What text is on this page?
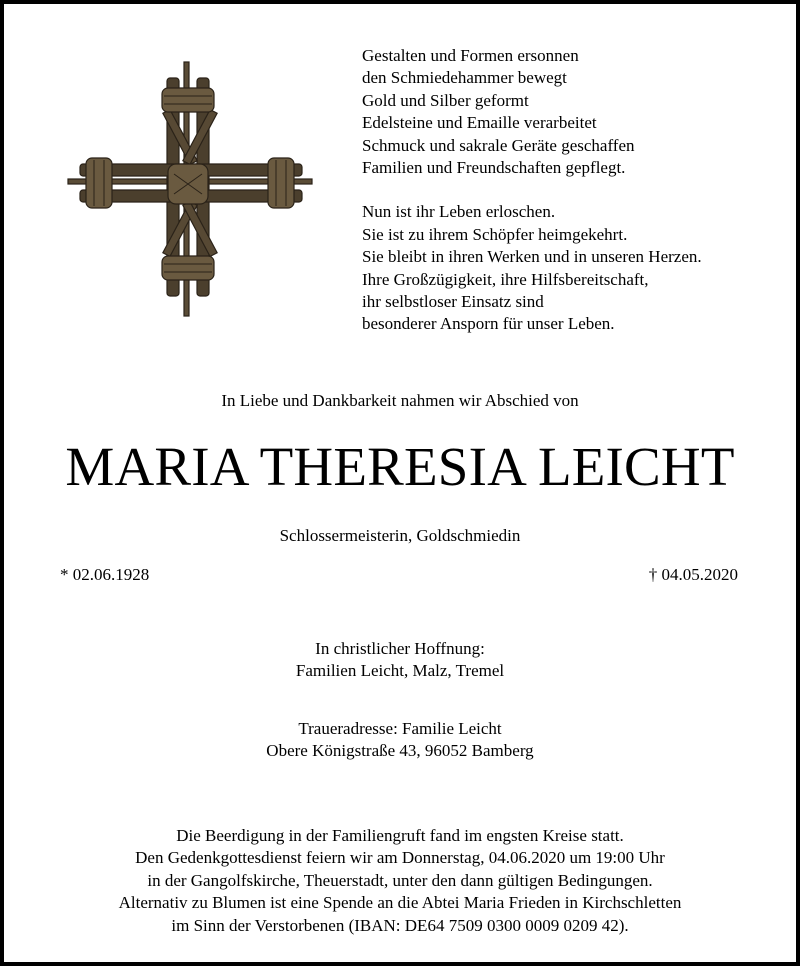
Gestalten und Formen ersonnen
den Schmiedehammer bewegt
Gold und Silber geformt
Edelsteine und Emaille verarbeitet
Schmuck und sakrale Geräte geschaffen
Familien und Freundschaften gepflegt.
Nun ist ihr Leben erloschen.
Sie ist zu ihrem Schöpfer heimgekehrt.
Sie bleibt in ihren Werken und in unseren Herzen.
Ihre Großzügigkeit, ihre Hilfsbereitschaft,
ihr selbstloser Einsatz sind
besonderer Ansporn für unser Leben.
In Liebe und Dankbarkeit nahmen wir Abschied von
MARIA THERESIA LEICHT
Schlossermeisterin, Goldschmiedin
* 02.06.1928	† 04.05.2020
In christlicher Hoffnung:
Familien Leicht, Malz, Tremel
Traueradresse: Familie Leicht
Obere Königstraße 43, 96052 Bamberg
Die Beerdigung in der Familiengruft fand im engsten Kreise statt.
Den Gedenkgottesdienst feiern wir am Donnerstag, 04.06.2020 um 19:00 Uhr
in der Gangolfskirche, Theuerstadt, unter den dann gültigen Bedingungen.
Alternativ zu Blumen ist eine Spende an die Abtei Maria Frieden in Kirchschletten
im Sinn der Verstorbenen (IBAN: DE64 7509 0300 0009 0209 42).
